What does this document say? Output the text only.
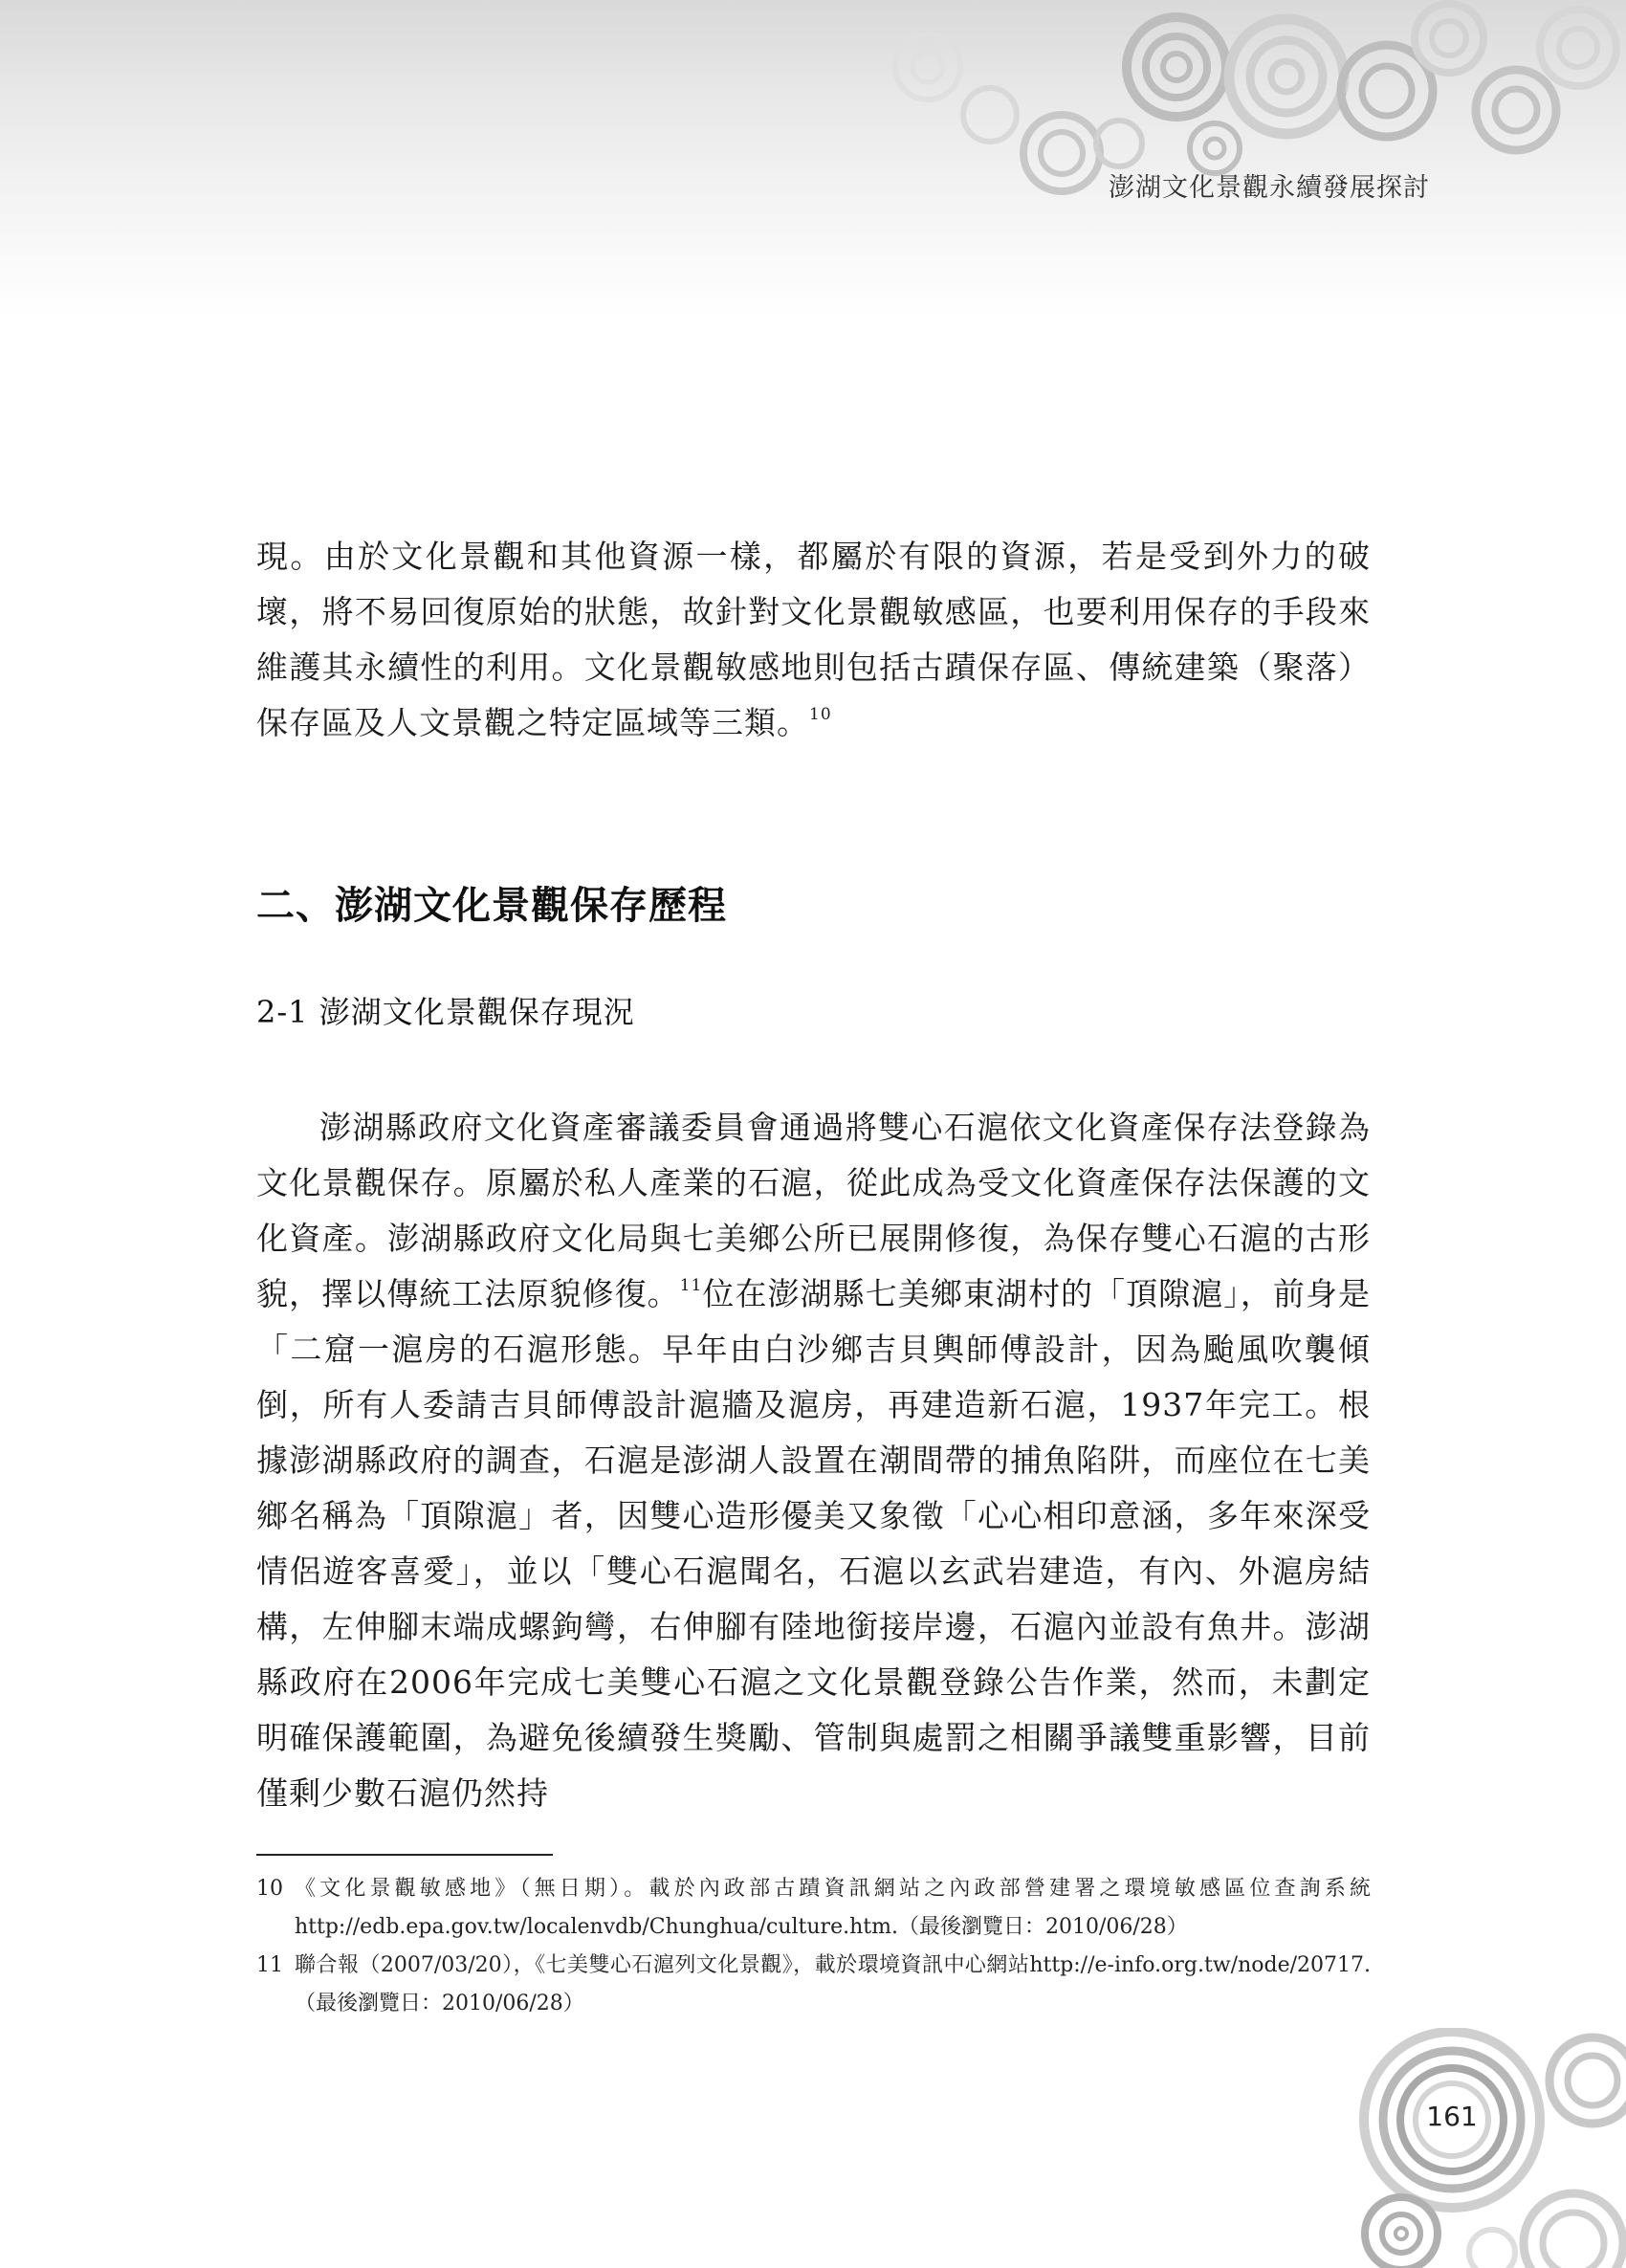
澎湖文化景觀永續發展探討

現。由於文化景觀和其他資源一樣，都屬於有限的資源，若是受到外力的破壞，將不易回復原始的狀態，故針對文化景觀敏感區，也要利用保存的手段來維護其永續性的利用。文化景觀敏感地則包括古蹟保存區、傳統建築（聚落）保存區及人文景觀之特定區域等三類。$^{10}$

二、澎湖文化景觀保存歷程
2-1 澎湖文化景觀保存現況

澎湖縣政府文化資產審議委員會通過將雙心石滬依文化資產保存法登錄為文化景觀保存。原屬於私人產業的石滬，從此成為受文化資產保存法保護的文化資產。澎湖縣政府文化局與七美鄉公所已展開修復，為保存雙心石滬的古形貌，擇以傳統工法原貌修復。$^{11}$位在澎湖縣七美鄉東湖村的「頂隙滬」，前身是「二窟一滬房的石滬形態。早年由白沙鄉吉貝輿師傅設計，因為颱風吹襲傾倒，所有人委請吉貝師傅設計滬牆及滬房，再建造新石滬，1937年完工。根據澎湖縣政府的調查，石滬是澎湖人設置在潮間帶的捕魚陷阱，而座位在七美鄉名稱為「頂隙滬」者，因雙心造形優美又象徵「心心相印意涵，多年來深受情侶遊客喜愛」，並以「雙心石滬聞名，石滬以玄武岩建造，有內、外滬房結構，左伸腳末端成螺鉤彎，右伸腳有陸地銜接岸邊，石滬內並設有魚井。澎湖縣政府在2006年完成七美雙心石滬之文化景觀登錄公告作業，然而，未劃定明確保護範圍，為避免後續發生獎勵、管制與處罰之相關爭議雙重影響，目前僅剩少數石滬仍然持

10 《文化景觀敏感地》（無日期）。載於內政部古蹟資訊網站之內政部營建署之環境敏感區位查詢系統http://edb.epa.gov.tw/localenvdb/Chunghua/culture.htm.（最後瀏覽日：2010/06/28）

11 聯合報（2007/03/20），《七美雙心石滬列文化景觀》，載於環境資訊中心網站http://e-info.org.tw/node/20717.（最後瀏覽日：2010/06/28）

161
